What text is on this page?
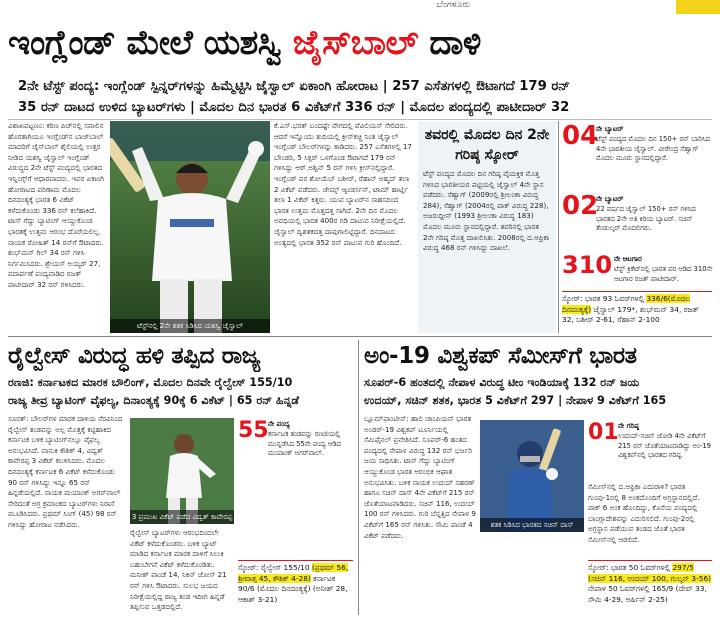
ಬೆಂಗಳೂರು
ಇಂಗ್ಲೆಂಡ್ ಮೇಲೆ ಯಶಸ್ವಿ ಜೈಸ್‌ಬಾಲ್ ದಾಳಿ
2ನೇ ಟೆಸ್ಟ್ ಪಂದ್ಯ: ಇಂಗ್ಲೆಂಡ್ ಸ್ಪಿನ್ನರ್‌ಗಳನ್ನು ಹಿಮ್ಮೆಟ್ಟಿಸಿ ಜೈಸ್ವಾಲ್ ಏಕಾಂಗಿ ಹೋರಾಟ | 257 ಎಸೆತಗಳಲ್ಲಿ ಔಟಾಗದೆ 179 ರನ್
35 ರನ್ ದಾಟದ ಉಳಿದ ಬ್ಯಾಟರ್‌ಗಳು | ಮೊದಲ ದಿನ ಭಾರತ 6 ವಿಕೆಟ್‌ಗೆ 336 ರನ್ | ಮೊದಲ ಪಂದ್ಯದಲ್ಲಿ ಪಾಟೀದಾರ್ 32
ವಿಶಾಖಪಟ್ಟಣಂ: ಕಠಿಣ ಪಿಚ್‌ನಲ್ಲಿ ಸವಾಲಿನ ಹೊರತಾಗಿಯೂ ಇಂಗ್ಲೆಂಡ್‌ನ ಬಾಜ್‌ಬಾಲ್ ಮಾದರಿಗೆ ಜೈಸ್‌ಬಾಲ್ ಶೈಲಿಯಲ್ಲಿ ಉತ್ತರ ನೀಡಿದ ಯಶಸ್ವಿ ಜೈಸ್ವಾಲ್ ಇಂಗ್ಲೆಂಡ್ ವಿರುದ್ಧದ 2ನೇ ಟೆಸ್ಟ್ ಪಂದ್ಯದಲ್ಲಿ ಭಾರತದ ಇನ್ನಿಂಗ್ಸ್‌ಗೆ ಆಧಾರವಾದರು. ಇವರ ಏಕಾಂಗಿ ಹೋರಾಟದ ಪರಿಣಾಮ ಮೊದಲ ದಿನದಂತ್ಯಕ್ಕೆ ಭಾರತ 6 ವಿಕೆಟ್ ಕಳೆದುಕೊಂಡು 336 ರನ್ ಕಲೆಹಾಕಿದೆ. ಟಾಸ್ ಗೆದ್ದು ಬ್ಯಾಟಿಂಗ್ ಆಯ್ದುಕೊಂಡ ಭಾರತಕ್ಕೆ ಉತ್ತಮ ಆರಂಭ ದೊರೆಯಲಿಲ್ಲ. ನಾಯಕ ರೋಹಿತ್ 14 ರನ್‌ಗೆ ಔಟಾದರು. ಶುಭ್‌ಮನ್ ಗಿಲ್ 34 ರನ್ ಗಳಿಸಿ ನಿರ್ಗಮಿಸಿದರು. ಶ್ರೇಯಸ್ ಅಯ್ಯರ್ 27, ಪದಾರ್ಪಣೆ ಪಂದ್ಯವಾಡಿದ ರಜತ್ ಪಾಟೀದಾರ್ 32 ರನ್ ಗಳಿಸಿದರು.
ಟೆಸ್ಟ್‌ನಲ್ಲಿ 2ನೇ ಶತಕ ಸಿಡಿಸಿದ ಯಶಸ್ವಿ ಜೈಸ್ವಾಲ್
ಕೆ.ಎಸ್.ಭರತ್ ಬಂದಷ್ಟೇ ವೇಗದಲ್ಲಿ ಪೆವಿಲಿಯನ್ ಸೇರಿದರು. ಆದರೆ ಇನ್ನೊಂದು ತುದಿಯಲ್ಲಿ ಕ್ರೀಸ್‌ಕಚ್ಚಿ ನಿಂತ ಜೈಸ್ವಾಲ್ ಇಂಗ್ಲೆಂಡ್ ಬೌಲರ್‌ಗಳನ್ನು ಕಾಡಿದರು. 257 ಎಸೆತಗಳಲ್ಲಿ 17 ಬೌಂಡರಿ, 5 ಸಿಕ್ಸರ್ ಒಳಗೊಂಡ ಔಟಾಗದೆ 179 ರನ್ ಗಳಿಸಿದ್ದು ಆರ್.ಅಶ್ವಿನ್ 5 ರನ್ ಗಳಿಸಿ ಕ್ರೀಸ್‌ನಲ್ಲಿದ್ದಾರೆ. ಇಂಗ್ಲೆಂಡ್ ಪರ ಶೋಯೆಬ್ ಬಶೀರ್, ರೆಹಾನ್ ಅಹ್ಮದ್ ತಲಾ 2 ವಿಕೆಟ್ ಪಡೆದರು. ಜೇಮ್ಸ್ ಆ್ಯಂಡರ್ಸನ್, ಟಾಮ್ ಹಾರ್ಟ್ಲಿ ತಲಾ 1 ವಿಕೆಟ್ ಕಿತ್ತರು. ಯುವ ಬ್ಯಾಟರ್‌ನ ಸಾಹಸದಿಂದ ಭಾರತ ಉತ್ತಮ ಮೊತ್ತದತ್ತ ಸಾಗಿದೆ. 2ನೇ ದಿನ ಮೊದಲ ಅವಧಿಯಲ್ಲಿ ಭಾರತ 400ರ ಗಡಿ ದಾಟುವ ನಿರೀಕ್ಷೆಯಲ್ಲಿದೆ. ಜೈಸ್ವಾಲ್ ದ್ವಿಶತಕದತ್ತ ದಾಪುಗಾಲಿಟ್ಟಿದ್ದಾರೆ. ದಿನದಾಟದ ಅಂತ್ಯದಲ್ಲಿ ಭಾರತ 352 ರನ್ ದಾಟುವ ಗುರಿ ಹೊಂದಿದೆ.
ತವರಲ್ಲಿ ಮೊದಲ ದಿನ 2ನೇ ಗರಿಷ್ಠ ಸ್ಕೋರ್
ಟೆಸ್ಟ್ ಪಂದ್ಯದ ಮೊದಲ ದಿನ ಗರಿಷ್ಠ ವೈಯಕ್ತಿಕ ಮೊತ್ತ ಗಳಿಸಿದ ಭಾರತೀಯರ ಪಟ್ಟಿಯಲ್ಲಿ ಜೈಸ್ವಾಲ್ 4ನೇ ಸ್ಥಾನ ಪಡೆದರು. ಸೆಹ್ವಾಗ್ (2009ರಲ್ಲಿ ಶ್ರೀಲಂಕಾ ವಿರುದ್ಧ 284), ಸೆಹ್ವಾಗ್ (2004ರಲ್ಲಿ ಪಾಕ್ ವಿರುದ್ಧ 228), ಅಜರುದ್ದೀನ್ (1993 ಶ್ರೀಲಂಕಾ ವಿರುದ್ಧ 183) ಮೊದಲ ಮೂರು ಸ್ಥಾನದಲ್ಲಿದ್ದಾರೆ. ತವರಿನಲ್ಲಿ ಭಾರತ 2ನೇ ಗರಿಷ್ಠ ಮೊತ್ತ ದಾಖಲಿಸಿತು. 2008ರಲ್ಲಿ ದ.ಆಫ್ರಿಕಾ ವಿರುದ್ಧ 468 ರನ್ ಗಳಿಸಿದ್ದು ದಾಖಲೆ.
04
ನೇ ಬ್ಯಾಟರ್
ಟೆಸ್ಟ್ ಪಂದ್ಯದ ಮೊದಲ ದಿನ 150+ ರನ್ ಬಾರಿಸಿದ 4ನೇ ಭಾರತೀಯ ಜೈಸ್ವಾಲ್. ವೀರೇಂದ್ರ ಸೆಹ್ವಾಗ್ ಮೊದಲ ಮೂರು ಸ್ಥಾನದಲ್ಲಿದ್ದಾರೆ.
02
ನೇ ಬ್ಯಾಟರ್
22 ವರ್ಷದ ಜೈಸ್ವಾಲ್ 150+ ರನ್ ಗಳಿಸಿದ ಭಾರತದ 2ನೇ ಅತಿ ಕಿರಿಯ ಬ್ಯಾಟರ್. ಸಚಿನ್ ತೆಂಡುಲ್ಕರ್ ಮೊದಲಿಗರು.
310 ನೇ ಆಟಗಾರ
ಟೆಸ್ಟ್ ಕ್ರಿಕೆಟ್‌ನಲ್ಲಿ ಭಾರತ ಪರ ಆಡಿದ 310ನೇ ಆಟಗಾರ ರಜತ್ ಪಾಟೀದಾರ್.
ಸ್ಕೋರ್: ಭಾರತ 93 ಓವರ್‌ಗಳಲ್ಲಿ 336/6(ಮೊದಲ ದಿನದಂತ್ಯಕ್ಕೆ) ಜೈಸ್ವಾಲ್ 179*, ಶುಭ್‌ಮನ್ 34, ರಜತ್ 32, ಬಶೀರ್ 2-61, ರೆಹಾನ್ 2-100
ರೈಲ್ವೇಸ್ ವಿರುದ್ಧ ಹಳಿ ತಪ್ಪಿದ ರಾಜ್ಯ
ರಣಜಿ: ಕರ್ನಾಟಕದ ಮಾರಕ ಬೌಲಿಂಗ್, ಮೊದಲ ದಿನವೇ ರೈಲ್ವೇಸ್ 155/10
ರಾಜ್ಯ ತೀವ್ರ ಬ್ಯಾಟಿಂಗ್ ವೈಫಲ್ಯ, ದಿನಾಂತ್ಯಕ್ಕೆ 90ಕ್ಕೆ 6 ವಿಕೆಟ್ | 65 ರನ್ ಹಿನ್ನಡೆ
ಸೂರತ್: ಬೌಲರ್‌ಗಳ ಮಾರಕ ದಾಳಿಯ ನೆರವಿನಿಂದ ರೈಲ್ವೇಸ್ ತಂಡವನ್ನು ಅಲ್ಪ ಮೊತ್ತಕ್ಕೆ ಕಟ್ಟಿಹಾಕಿದ ಕರ್ನಾಟಕ ಬಳಿಕ ಬ್ಯಾಟಿಂಗ್‌ನಲ್ಲೂ ವೈಫಲ್ಯ ಅನುಭವಿಸಿದೆ. ವಾಸುಕಿ ಕೌಶಿಕ್ 4, ವಿದ್ವತ್ ಕಾವೇರಪ್ಪ 3 ವಿಕೆಟ್ ಕಬಳಿಸಿದರು. ಮೊದಲ ದಿನದಂತ್ಯಕ್ಕೆ ಕರ್ನಾಟಕ 6 ವಿಕೆಟ್ ಕಳೆದುಕೊಂಡು 90 ರನ್ ಗಳಿಸಿದ್ದು ಇನ್ನೂ 65 ರನ್ ಹಿನ್ನಡೆಯಲ್ಲಿದೆ. ನಾಯಕ ಮಯಾಂಕ್ ಅಗರ್‌ವಾಲ್ ಸೇರಿದಂತೆ ಅಗ್ರ ಕ್ರಮಾಂಕದ ಬ್ಯಾಟರ್‌ಗಳು ನಿರಾಸೆ ಮೂಡಿಸಿದರು. ಪ್ರಥಮ್ ಸಿಂಗ್ (45) 98 ರನ್ ಗಳಿಸಿದ್ದು ಹೋರಾಟ ನಡೆಸಿದರು.
3 ಪ್ರಮುಖ ವಿಕೆಟ್ ಪಡೆದ ವಿದ್ವತ್ ಕಾವೇರಪ್ಪ
55 ನೇ ಪಂದ್ಯ
ಕರ್ನಾಟಕ ತಂಡವನ್ನು ರಣಜಿಯಲ್ಲಿ ಮುನ್ನಡೆಸಿದ 55ನೇ ಪಂದ್ಯ ಆಡಿದ ಮಯಾಂಕ್ ಅಗರ್‌ವಾಲ್.
ರೈಲ್ವೇಸ್ ಬ್ಯಾಟರ್‌ಗಳು ಆರಂಭದಿಂದಲೇ ವಿಕೆಟ್ ಕಳೆದುಕೊಂಡರು. ಬಳಿಕ ಬ್ಯಾಟ್ ಮಾಡಿದ ಕರ್ನಾಟಕ ಮಾರಕ ದಾಳಿಗೆ ಸಿಲುಕಿ ಬಹುಬೇಗನೆ ವಿಕೆಟ್ ಕಳೆದುಕೊಂಡಿತು. ಮನೀಶ್ ಪಾಂಡೆ 14, ನಿಕಿನ್ ಜೋಸ್ 21 ರನ್ ಗಳಿಸಿ ಔಟಾದರು. ಸುಲಭ ಜಯದ ನಿರೀಕ್ಷೆಯಲ್ಲಿದ್ದ ರಾಜ್ಯ ತಂಡ ಇದೀಗ ಹಿನ್ನಡೆ ತಪ್ಪಿಸುವ ಒತ್ತಡದಲ್ಲಿದೆ.
ಸ್ಕೋರ್: ರೈಲ್ವೇಸ್ 155/10 (ಪ್ರಥಮ್ 56, ಶ್ರೀವಾತ್ಸ 45, ಕೌಶಿಕ್ 4-28) ಕರ್ನಾಟಕ 90/6 (ಮೊದಲ ದಿನದಂತ್ಯಕ್ಕೆ) (ಅನೀಶ್ 28, ಆಕಾಶ್ 3-21)
ಅಂ-19 ವಿಶ್ವಕಪ್ ಸೆಮೀಸ್‌ಗೆ ಭಾರತ
ಸೂಪರ್-6 ಹಂತದಲ್ಲಿ ನೇಪಾಳ ವಿರುದ್ಧ ಟೀಂ ಇಂಡಿಯಾಕ್ಕೆ 132 ರನ್ ಜಯ
ಉದಯ್, ಸಚಿನ್ ಶತಕ, ಭಾರತ 5 ವಿಕೆಟ್‌ಗೆ 297 | ನೇಪಾಳ 9 ವಿಕೆಟ್‌ಗೆ 165
ಬ್ಲೂಮ್‌ಫಾಂಟೀನ್: ಹಾಲಿ ಚಾಂಪಿಯನ್ ಭಾರತ ಅಂಡರ್-19 ವಿಶ್ವಕಪ್ ಟೂರ್ನಿಯಲ್ಲಿ ಸೆಮಿಫೈನಲ್ ಪ್ರವೇಶಿಸಿದೆ. ಸೂಪರ್-6 ಹಂತದ ಪಂದ್ಯದಲ್ಲಿ ನೇಪಾಳ ವಿರುದ್ಧ 132 ರನ್ ಭರ್ಜರಿ ಜಯ ಸಾಧಿಸಿತು. ಟಾಸ್ ಗೆದ್ದು ಬ್ಯಾಟಿಂಗ್ ಆಯ್ದುಕೊಂಡ ಭಾರತ ಆರಂಭಿಕ ಆಘಾತ ಅನುಭವಿಸಿತು. ಬಳಿಕ ನಾಯಕ ಉದಯ್ ಸಹರಣ್ ಹಾಗೂ ಸಚಿನ್ ದಾಸ್ 4ನೇ ವಿಕೆಟ್‌ಗೆ 215 ರನ್ ಜೊತೆಯಾಟವಾಡಿದರು. ಸಚಿನ್ 116, ಉದಯ್ 100 ರನ್ ಗಳಿಸಿದರು. ಗುರಿ ಬೆನ್ನತ್ತಿದ ನೇಪಾಳ 9 ವಿಕೆಟ್‌ಗೆ 165 ರನ್ ಗಳಿಸಿತು. ಸೌಮಿ ಪಾಂಡೆ 4 ವಿಕೆಟ್ ಪಡೆದರು.
ಶತಕ ಸಿಡಿಸಿದ ಭಾರತದ ಸಚಿನ್ ದಾಸ್
01 ನೇ ಗರಿಷ್ಠ
ಉದಯ್-ಸಚಿನ್ ಜೋಡಿ 4ನೇ ವಿಕೆಟ್‌ಗೆ 215 ರನ್ ಜೊತೆಯಾಟವಾಡಿದ್ದು ಅಂ-19 ವಿಶ್ವಕಪ್‌ನಲ್ಲಿ ಭಾರತದ ಗರಿಷ್ಠ.
ಸೆಮೀಸ್‌ನಲ್ಲಿ ದ.ಆಫ್ರಿಕಾ ಎದುರಾಳಿ? ಭಾರತ ಗುಂಪು-1ರಲ್ಲಿ 8 ಅಂಕದೊಂದಿಗೆ ಅಗ್ರಸ್ಥಾನದಲ್ಲಿದೆ. ಪಾಕ್ 6 ಅಂಕ ಹೊಂದಿದ್ದು, ಕೊನೆಯ ಪಂದ್ಯದಲ್ಲಿ ಬಾಂಗ್ಲಾದೇಶವನ್ನು ಎದುರಿಸಲಿದೆ. ಗುಂಪು-2ರಲ್ಲಿ ಅಗ್ರಸ್ಥಾನ ಪಡೆಯುವ ತಂಡದ ಜೊತೆ ಭಾರತ ಸೆಮೀಸ್‌ನಲ್ಲಿ ಆಡಲಿದೆ.
ಸ್ಕೋರ್: ಭಾರತ 50 ಓವರ್‌ಗಳಲ್ಲಿ 297/5 (ಸಚಿನ್ 116, ಉದಯ್ 100, ಗುಲ್ಶನ್ 3-56) ನೇಪಾಳ 50 ಓವರ್‌ಗಳಲ್ಲಿ 165/9 (ದೇವ್ 33, ಸೌಮಿ 4-29, ಅರ್ಷಿನ್ 2-25)
